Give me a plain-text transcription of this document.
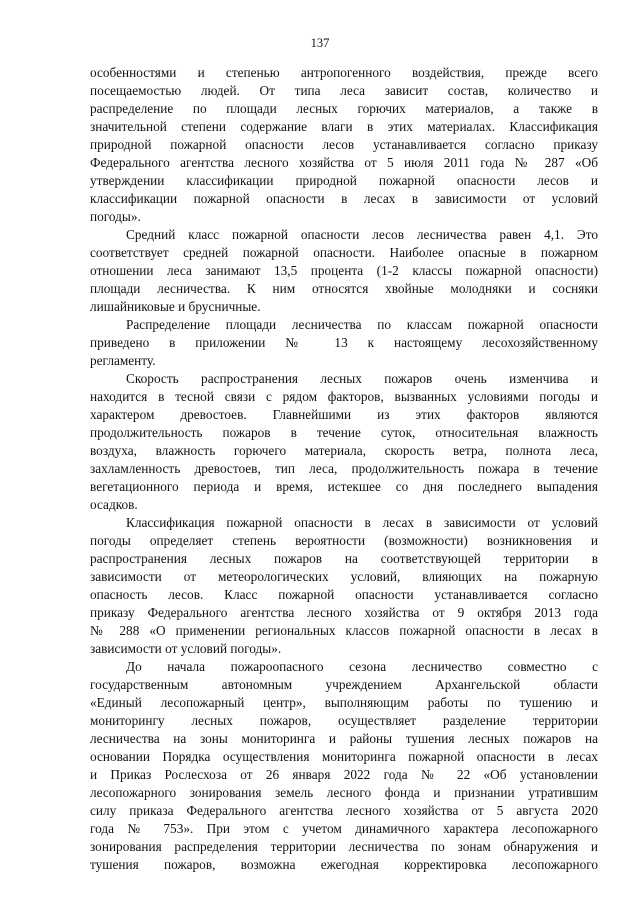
137
особенностями и степенью антропогенного воздействия, прежде всего
посещаемостью людей. От типа леса зависит состав, количество и
распределение по площади лесных горючих материалов, а также в
значительной степени содержание влаги в этих материалах. Классификация
природной пожарной опасности лесов устанавливается согласно приказу
Федерального агентства лесного хозяйства от 5 июля 2011 года № 287 «Об
утверждении классификации природной пожарной опасности лесов и
классификации пожарной опасности в лесах в зависимости от условий
погоды».
Средний класс пожарной опасности лесов лесничества равен 4,1. Это
соответствует средней пожарной опасности. Наиболее опасные в пожарном
отношении леса занимают 13,5 процента (1-2 классы пожарной опасности)
площади лесничества. К ним относятся хвойные молодняки и сосняки
лишайниковые и брусничные.
Распределение площади лесничества по классам пожарной опасности
приведено в приложении № 13 к настоящему лесохозяйственному
регламенту.
Скорость распространения лесных пожаров очень изменчива и
находится в тесной связи с рядом факторов, вызванных условиями погоды и
характером древостоев. Главнейшими из этих факторов являются
продолжительность пожаров в течение суток, относительная влажность
воздуха, влажность горючего материала, скорость ветра, полнота леса,
захламленность древостоев, тип леса, продолжительность пожара в течение
вегетационного периода и время, истекшее со дня последнего выпадения
осадков.
Классификация пожарной опасности в лесах в зависимости от условий
погоды определяет степень вероятности (возможности) возникновения и
распространения лесных пожаров на соответствующей территории в
зависимости от метеорологических условий, влияющих на пожарную
опасность лесов. Класс пожарной опасности устанавливается согласно
приказу Федерального агентства лесного хозяйства от 9 октября 2013 года
№ 288 «О применении региональных классов пожарной опасности в лесах в
зависимости от условий погоды».
До начала пожароопасного сезона лесничество совместно с
государственным автономным учреждением Архангельской области
«Единый лесопожарный центр», выполняющим работы по тушению и
мониторингу лесных пожаров, осуществляет разделение территории
лесничества на зоны мониторинга и районы тушения лесных пожаров на
основании Порядка осуществления мониторинга пожарной опасности в лесах
и Приказ Рослесхоза от 26 января 2022 года № 22 «Об установлении
лесопожарного зонирования земель лесного фонда и признании утратившим
силу приказа Федерального агентства лесного хозяйства от 5 августа 2020
года № 753». При этом с учетом динамичного характера лесопожарного
зонирования распределения территории лесничества по зонам обнаружения и
тушения пожаров, возможна ежегодная корректировка лесопожарного
